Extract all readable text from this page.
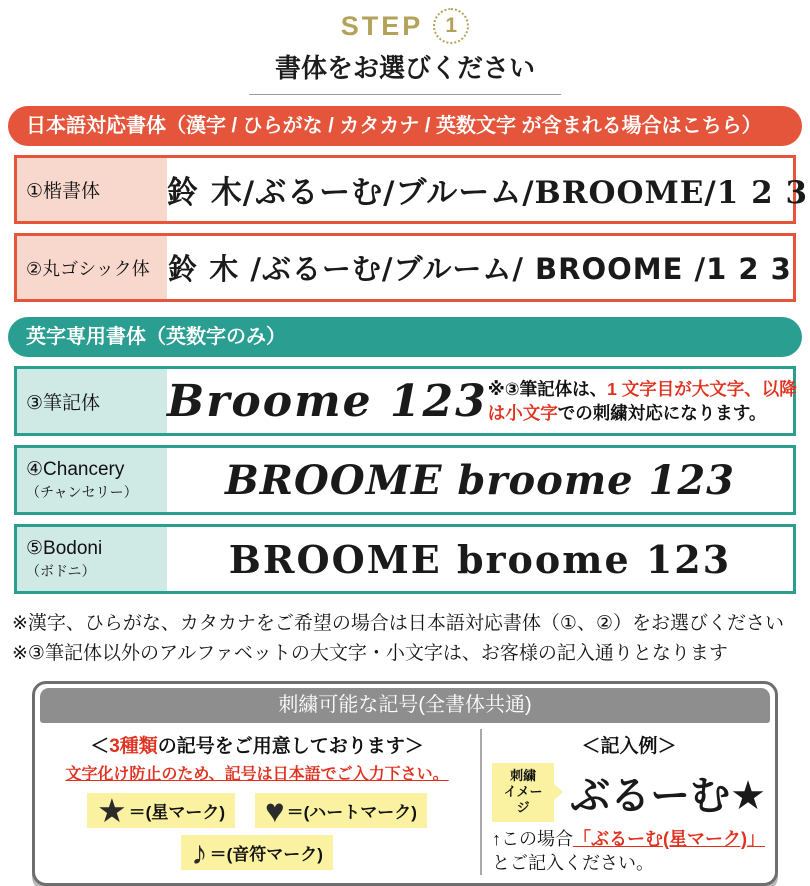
STEP 1
書体をお選びください
日本語対応書体（漢字 / ひらがな / カタカナ / 英数文字 が含まれる場合はこちら）
①楷書体	鈴 木/ぶるーむ/ブルーム/BROOME/1 2 3
②丸ゴシック体 鈴 木 /ぶるーむ/ブルーム/ BROOME /1 2 3
英字専用書体（英数字のみ）
③筆記体	Broome 123 ※③筆記体は、1 文字目が大文字、以降
は小文字での刺繍対応になります。
④Chancery
（チャンセリー）	BROOME broome 123
⑤Bodoni
（ボドニ）	BROOME broome 123
※漢字、ひらがな、カタカナをご希望の場合は日本語対応書体（①、②）をお選びください
※③筆記体以外のアルファベットの大文字・小文字は、お客様の記入通りとなります
刺繍可能な記号(全書体共通)
＜3種類の記号をご用意しております＞
文字化け防止のため、記号は日本語でご入力下さい。
★ ＝(星マーク) ♥ ＝(ハートマーク)
♪ ＝(音符マーク)
＜記入例＞
刺繍
イメージ	ぶるーむ★
↑この場合「ぶるーむ(星マーク)」
とご記入ください。
